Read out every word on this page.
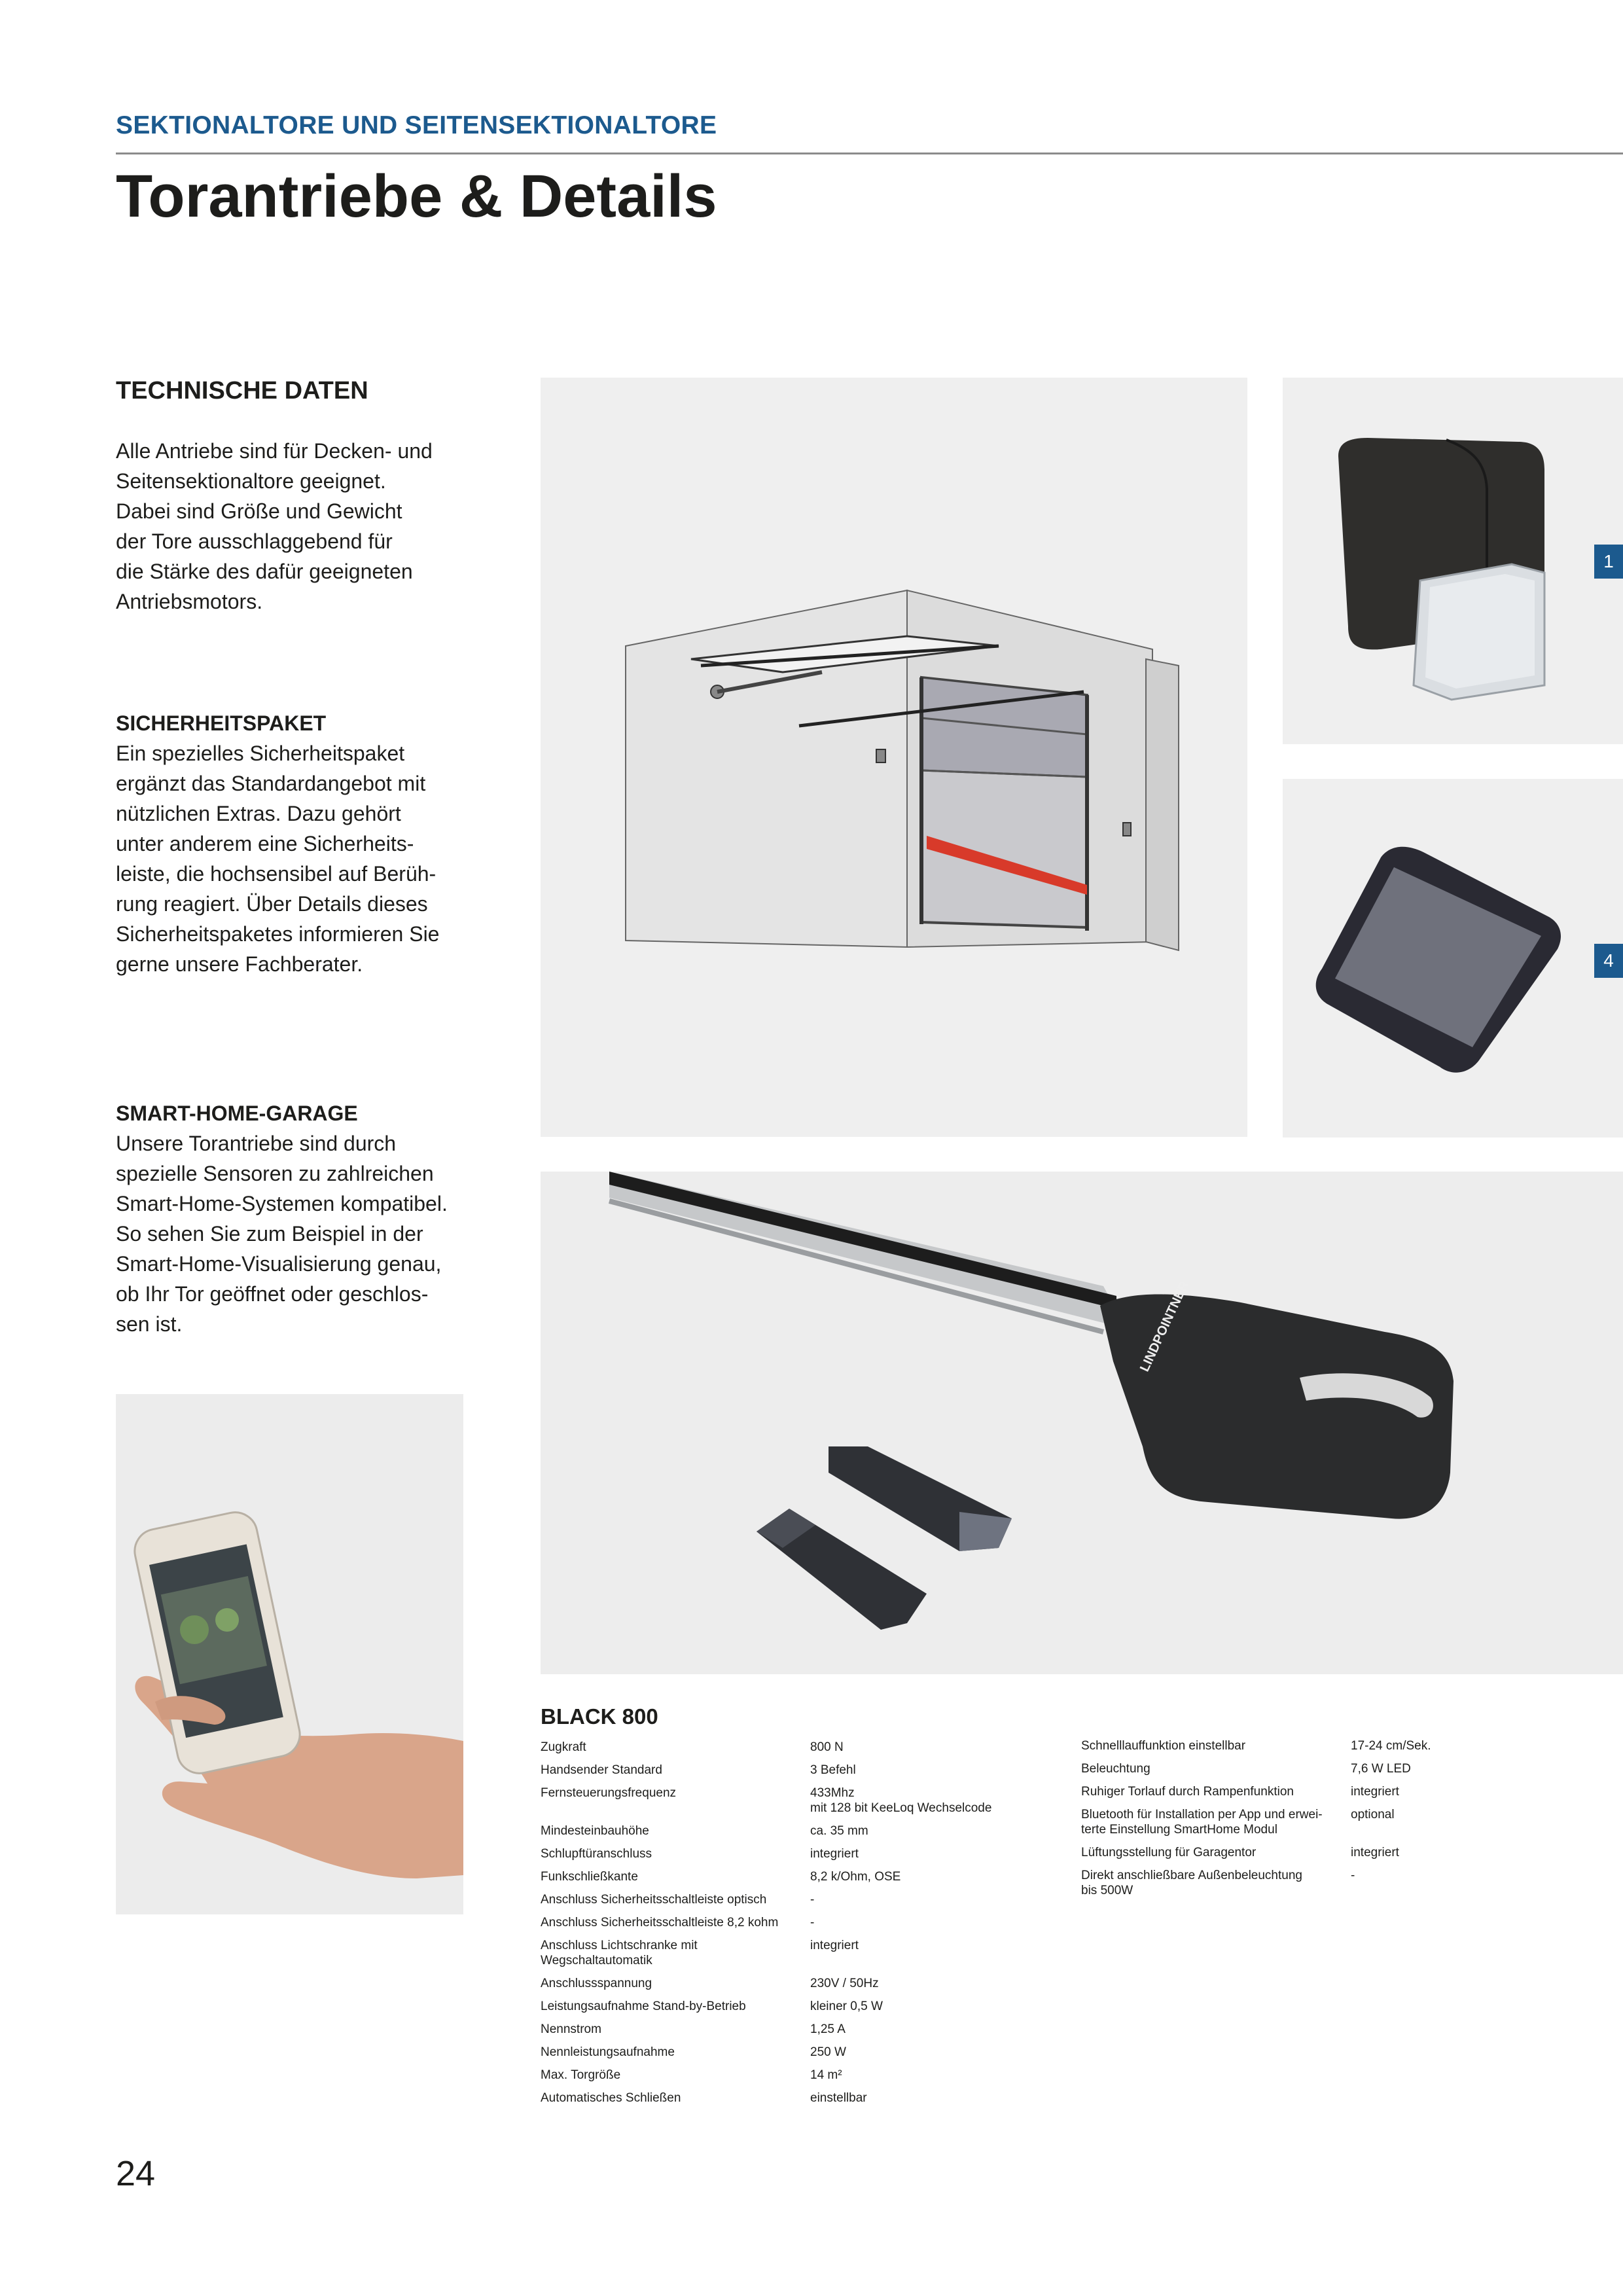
SEKTIONALTORE UND SEITENSEKTIONALTORE
Torantriebe & Details
TECHNISCHE DATEN

Alle Antriebe sind für Decken- und

Seitensektionaltore geeignet.

Dabei sind Größe und Gewicht

der Tore ausschlaggebend für

die Stärke des dafür geeigneten

Antriebsmotors.

SICHERHEITSPAKET

Ein spezielles Sicherheitspaket

ergänzt das Standardangebot mit

nützlichen Extras. Dazu gehört

unter anderem eine Sicherheits-

leiste, die hochsensibel auf Berüh-

rung reagiert. Über Details dieses

Sicherheitspaketes informieren Sie

gerne unsere Fachberater.

SMART-HOME-GARAGE

Unsere Torantriebe sind durch

spezielle Sensoren zu zahlreichen

Smart-Home-Systemen kompatibel.

So sehen Sie zum Beispiel in der

Smart-Home-Visualisierung genau,

ob Ihr Tor geöffnet oder geschlos-

sen ist.

1
4
LINDPOINTNER
BLACK 800
Zugkraft	800 N

Handsender Standard	3 Befehl

Fernsteuerungsfrequenz	433Mhz
mit 128 bit KeeLoq Wechselcode

Mindesteinbauhöhe	ca. 35 mm

Schlupftüranschluss	integriert

Funkschließkante	8,2 k/Ohm, OSE

Anschluss Sicherheitsschaltleiste optisch	-

Anschluss Sicherheitsschaltleiste 8,2 kohm	-

Anschluss Lichtschranke mit
Wegschaltautomatik	integriert

Anschlussspannung	230V / 50Hz

Leistungsaufnahme Stand-by-Betrieb	kleiner 0,5 W

Nennstrom	1,25 A

Nennleistungsaufnahme	250 W

Max. Torgröße	14 m²

Automatisches Schließen	einstellbar
Schnelllauffunktion einstellbar	17-24 cm/Sek.

Beleuchtung	7,6 W LED

Ruhiger Torlauf durch Rampenfunktion	integriert

Bluetooth für Installation per App und erwei-
terte Einstellung SmartHome Modul	optional

Lüftungsstellung für Garagentor	integriert

Direkt anschließbare Außenbeleuchtung
bis 500W	-
24
